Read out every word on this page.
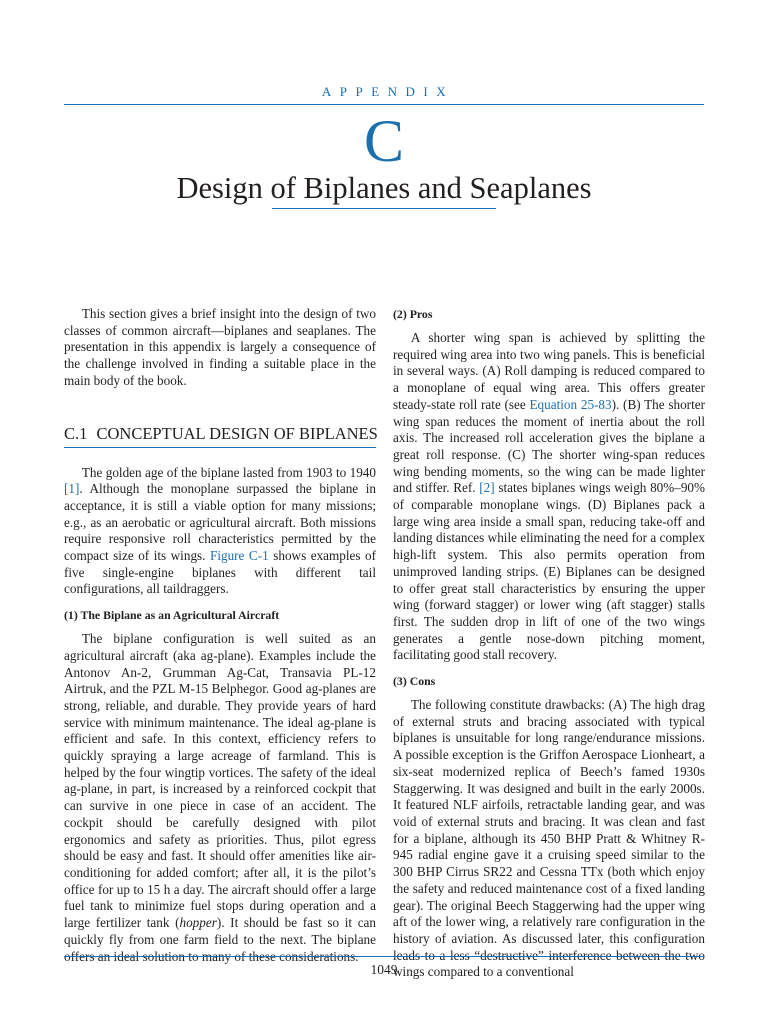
APPENDIX
C
Design of Biplanes and Seaplanes

This section gives a brief insight into the design of two classes of common aircraft—biplanes and seaplanes. The presentation in this appendix is largely a consequence of the challenge involved in finding a suitable place in the main body of the book.

C.1 CONCEPTUAL DESIGN OF BIPLANES

The golden age of the biplane lasted from 1903 to 1940 [1]. Although the monoplane surpassed the biplane in acceptance, it is still a viable option for many missions; e.g., as an aerobatic or agricultural aircraft. Both missions require responsive roll characteristics permitted by the compact size of its wings. Figure C-1 shows examples of five single-engine biplanes with different tail configurations, all taildraggers.

(1) The Biplane as an Agricultural Aircraft

The biplane configuration is well suited as an agricultural aircraft (aka ag-plane). Examples include the Antonov An-2, Grumman Ag-Cat, Transavia PL-12 Airtruk, and the PZL M-15 Belphegor. Good ag-planes are strong, reliable, and durable. They provide years of hard service with minimum maintenance. The ideal ag-plane is efficient and safe. In this context, efficiency refers to quickly spraying a large acreage of farmland. This is helped by the four wingtip vortices. The safety of the ideal ag-plane, in part, is increased by a reinforced cockpit that can survive in one piece in case of an accident. The cockpit should be carefully designed with pilot ergonomics and safety as priorities. Thus, pilot egress should be easy and fast. It should offer amenities like air-conditioning for added comfort; after all, it is the pilot’s office for up to 15 h a day. The aircraft should offer a large fuel tank to minimize fuel stops during operation and a large fertilizer tank (hopper). It should be fast so it can quickly fly from one farm field to the next. The biplane offers an ideal solution to many of these considerations.

(2) Pros

A shorter wing span is achieved by splitting the required wing area into two wing panels. This is beneficial in several ways. (A) Roll damping is reduced compared to a monoplane of equal wing area. This offers greater steady-state roll rate (see Equation 25-83). (B) The shorter wing span reduces the moment of inertia about the roll axis. The increased roll acceleration gives the biplane a great roll response. (C) The shorter wing-span reduces wing bending moments, so the wing can be made lighter and stiffer. Ref. [2] states biplanes wings weigh 80%–90% of comparable monoplane wings. (D) Biplanes pack a large wing area inside a small span, reducing take-off and landing distances while eliminating the need for a complex high-lift system. This also permits operation from unimproved landing strips. (E) Biplanes can be designed to offer great stall characteristics by ensuring the upper wing (forward stagger) or lower wing (aft stagger) stalls first. The sudden drop in lift of one of the two wings generates a gentle nose-down pitching moment, facilitating good stall recovery.

(3) Cons

The following constitute drawbacks: (A) The high drag of external struts and bracing associated with typical biplanes is unsuitable for long range/endurance missions. A possible exception is the Griffon Aerospace Lionheart, a six-seat modernized replica of Beech’s famed 1930s Staggerwing. It was designed and built in the early 2000s. It featured NLF airfoils, retractable landing gear, and was void of external struts and bracing. It was clean and fast for a biplane, although its 450 BHP Pratt & Whitney R-945 radial engine gave it a cruising speed similar to the 300 BHP Cirrus SR22 and Cessna TTx (both which enjoy the safety and reduced maintenance cost of a fixed landing gear). The original Beech Staggerwing had the upper wing aft of the lower wing, a relatively rare configuration in the history of aviation. As discussed later, this configuration leads to a less “destructive” interference between the two wings compared to a conventional

1049
